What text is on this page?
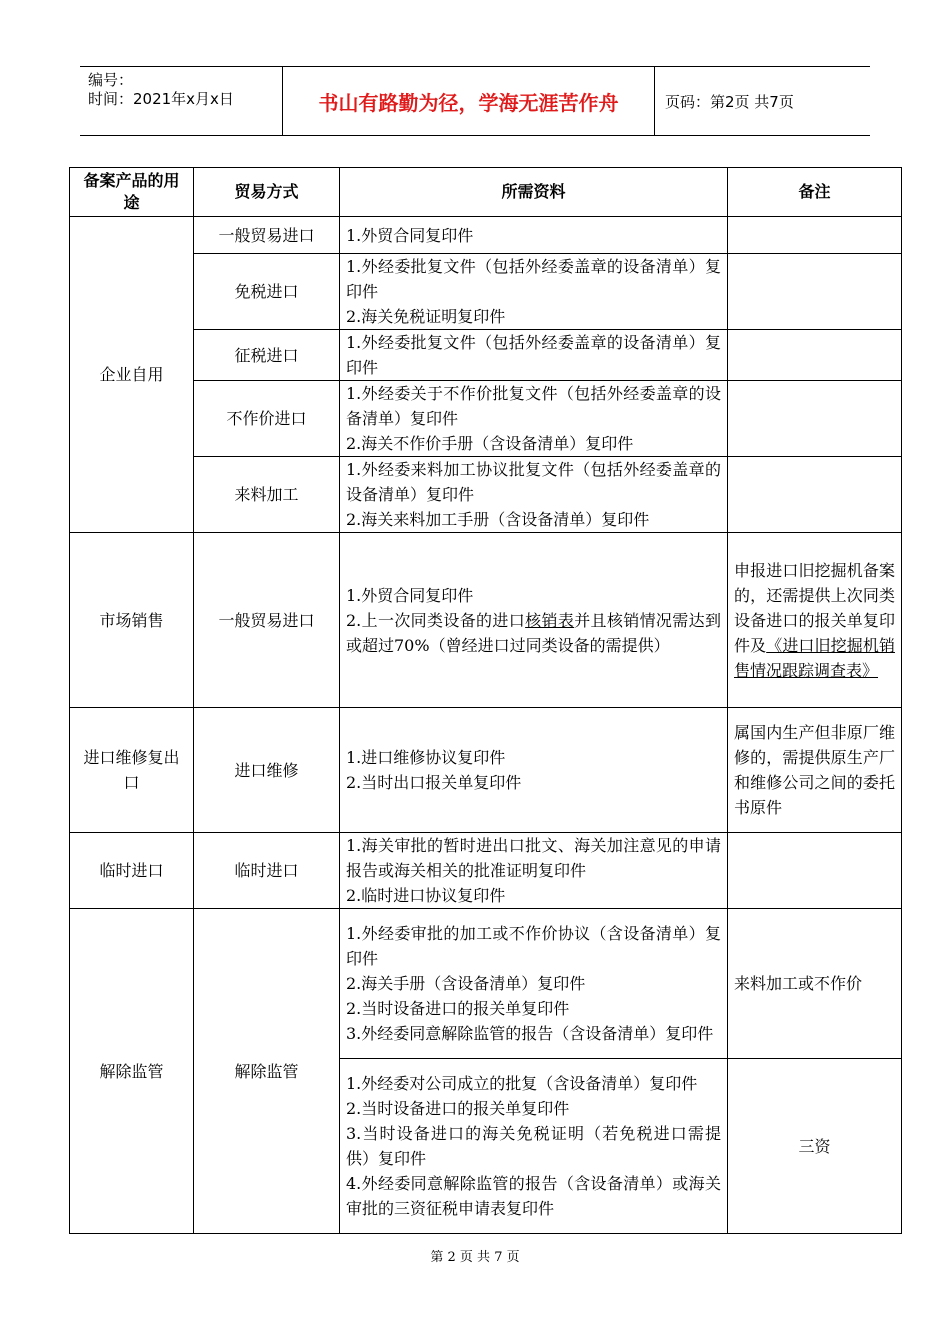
编号：
时间：2021年x月x日	书山有路勤为径，学海无涯苦作舟	页码：第2页 共7页
备案产品的用途	贸易方式	所需资料	备注
企业自用	一般贸易进口	1.外贸合同复印件	

	免税进口	1.外经委批复文件（包括外经委盖章的设备清单）复印件
2.海关免税证明复印件	

	征税进口	1.外经委批复文件（包括外经委盖章的设备清单）复印件	

	不作价进口	1.外经委关于不作价批复文件（包括外经委盖章的设备清单）复印件
2.海关不作价手册（含设备清单）复印件	

	来料加工	1.外经委来料加工协议批复文件（包括外经委盖章的设备清单）复印件
2.海关来料加工手册（含设备清单）复印件	

市场销售	一般贸易进口	1.外贸合同复印件
2.上一次同类设备的进口核销表并且核销情况需达到或超过70%（曾经进口过同类设备的需提供）	申报进口旧挖掘机备案的，还需提供上次同类设备进口的报关单复印件及《进口旧挖掘机销售情况跟踪调查表》
进口维修复出口	进口维修	1.进口维修协议复印件
2.当时出口报关单复印件	属国内生产但非原厂维修的，需提供原生产厂和维修公司之间的委托书原件
临时进口	临时进口	1.海关审批的暂时进出口批文、海关加注意见的申请报告或海关相关的批准证明复印件
2.临时进口协议复印件	

解除监管	解除监管	1.外经委审批的加工或不作价协议（含设备清单）复印件
2.海关手册（含设备清单）复印件
2.当时设备进口的报关单复印件
3.外经委同意解除监管的报告（含设备清单）复印件	来料加工或不作价

		1.外经委对公司成立的批复（含设备清单）复印件
2.当时设备进口的报关单复印件
3.当时设备进口的海关免税证明（若免税进口需提供）复印件
4.外经委同意解除监管的报告（含设备清单）或海关审批的三资征税申请表复印件	三资
第 2 页 共 7 页
